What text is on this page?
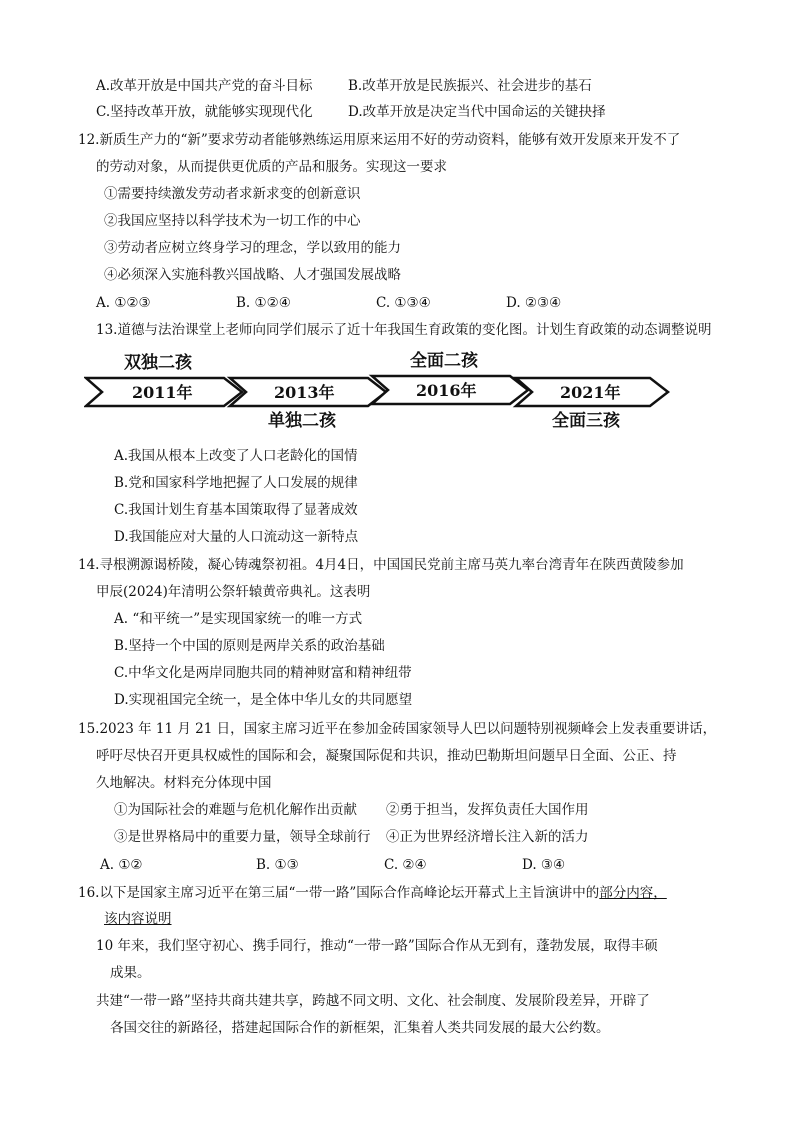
A.改革开放是中国共产党的奋斗目标	B.改革开放是民族振兴、社会进步的基石
C.坚持改革开放，就能够实现现代化	D.改革开放是决定当代中国命运的关键抉择
12.新质生产力的“新”要求劳动者能够熟练运用原来运用不好的劳动资料，能够有效开发原来开发不了
的劳动对象，从而提供更优质的产品和服务。实现这一要求
①需要持续激发劳动者求新求变的创新意识
②我国应坚持以科学技术为一切工作的中心
③劳动者应树立终身学习的理念，学以致用的能力
④必须深入实施科教兴国战略、人才强国发展战略
A. ①②③	B. ①②④	C. ①③④	D. ②③④
13.道德与法治课堂上老师向同学们展示了近十年我国生育政策的变化图。计划生育政策的动态调整说明
双独二孩	全面二孩
2011年	2013年	2016年	2021年
单独二孩	全面三孩
A.我国从根本上改变了人口老龄化的国情
B.党和国家科学地把握了人口发展的规律
C.我国计划生育基本国策取得了显著成效
D.我国能应对大量的人口流动这一新特点
14.寻根溯源谒桥陵，凝心铸魂祭初祖。4月4日，中国国民党前主席马英九率台湾青年在陕西黄陵参加
甲辰(2024)年清明公祭轩辕黄帝典礼。这表明
A. “和平统一”是实现国家统一的唯一方式
B.坚持一个中国的原则是两岸关系的政治基础
C.中华文化是两岸同胞共同的精神财富和精神纽带
D.实现祖国完全统一，是全体中华儿女的共同愿望
15.2023 年 11 月 21 日，国家主席习近平在参加金砖国家领导人巴以问题特别视频峰会上发表重要讲话，
呼吁尽快召开更具权威性的国际和会，凝聚国际促和共识，推动巴勒斯坦问题早日全面、公正、持
久地解决。材料充分体现中国
①为国际社会的难题与危机化解作出贡献 ②勇于担当，发挥负责任大国作用
③是世界格局中的重要力量，领导全球前行 ④正为世界经济增长注入新的活力
A. ①②	B. ①③	C. ②④	D. ③④
16.以下是国家主席习近平在第三届“一带一路”国际合作高峰论坛开幕式上主旨演讲中的部分内容，
该内容说明
10 年来，我们坚守初心、携手同行，推动“一带一路”国际合作从无到有，蓬勃发展，取得丰硕
成果。
共建“一带一路”坚持共商共建共享，跨越不同文明、文化、社会制度、发展阶段差异，开辟了
各国交往的新路径，搭建起国际合作的新框架，汇集着人类共同发展的最大公约数。
